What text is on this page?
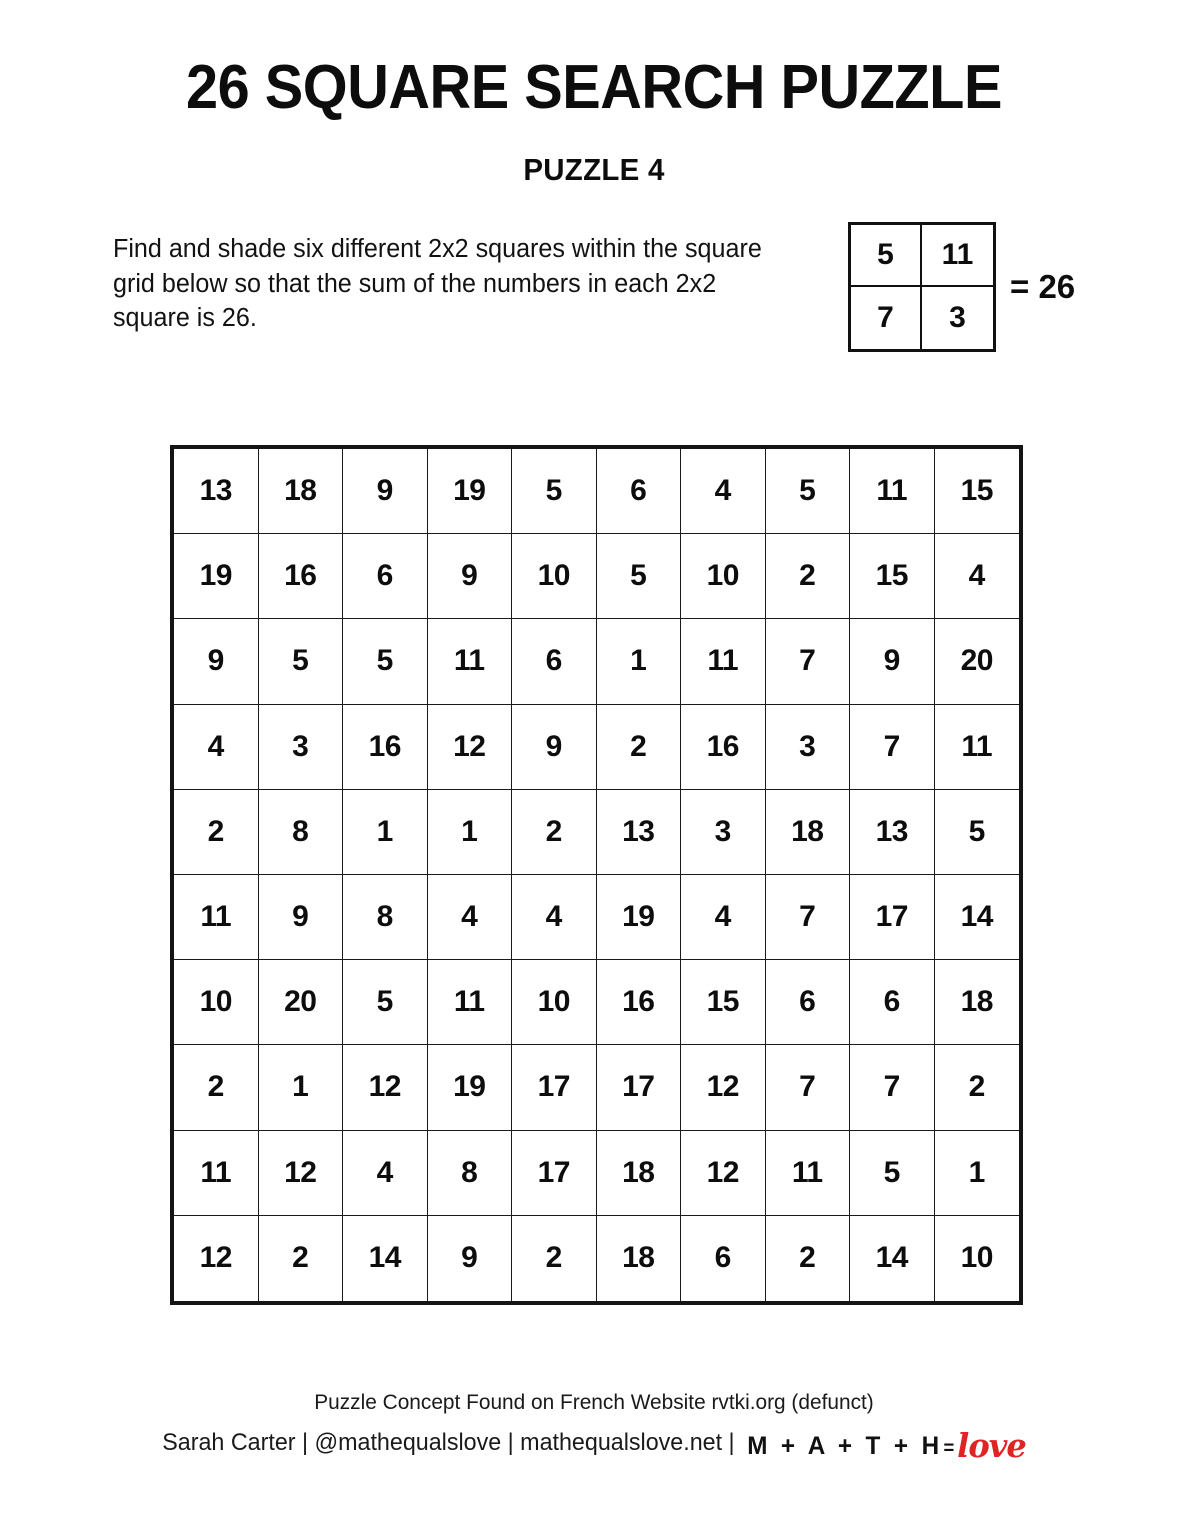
26 SQUARE SEARCH PUZZLE
PUZZLE 4
Find and shade six different 2x2 squares within the square grid below so that the sum of the numbers in each 2x2 square is 26.
5	11
7	3
= 26
13	18	9	19	5	6	4	5	11	15
19	16	6	9	10	5	10	2	15	4
9	5	5	11	6	1	11	7	9	20
4	3	16	12	9	2	16	3	7	11
2	8	1	1	2	13	3	18	13	5
11	9	8	4	4	19	4	7	17	14
10	20	5	11	10	16	15	6	6	18
2	1	12	19	17	17	12	7	7	2
11	12	4	8	17	18	12	11	5	1
12	2	14	9	2	18	6	2	14	10
Puzzle Concept Found on French Website rvtki.org (defunct)
Sarah Carter | @mathequalslove | mathequalslove.net | M + A + T + H = love
